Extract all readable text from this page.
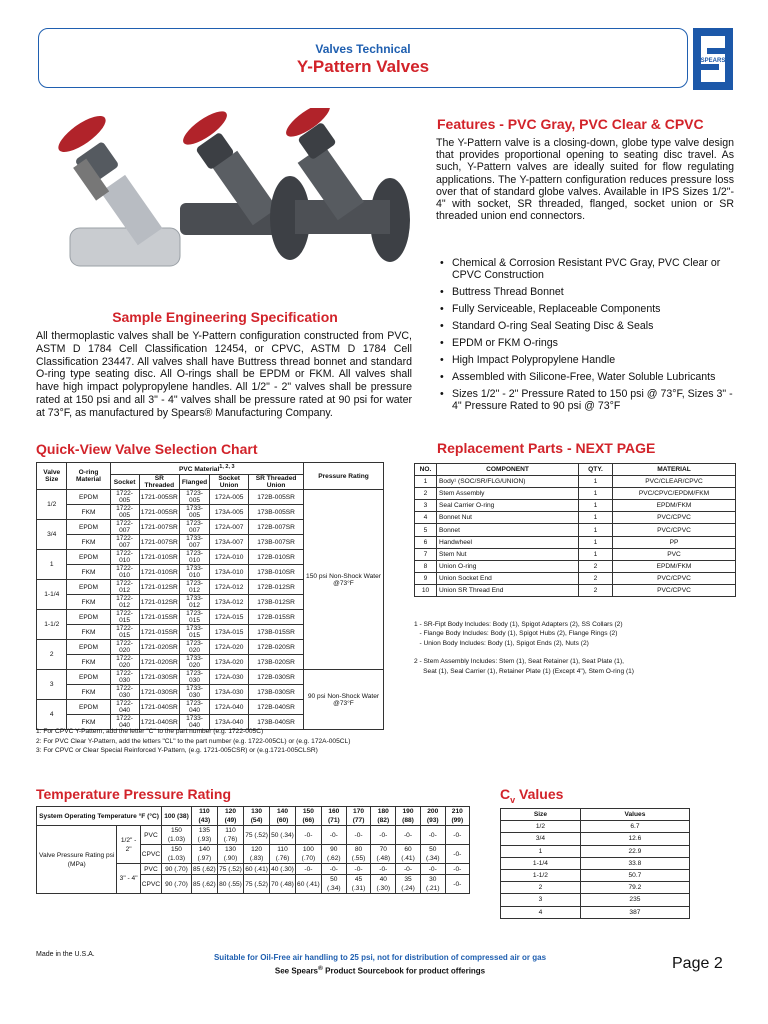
Valves Technical
Y-Pattern Valves	SPEARS
Sample Engineering Specification
All thermoplastic valves shall be Y-Pattern configuration constructed from PVC, ASTM D 1784 Cell Classification 12454, or CPVC, ASTM D 1784 Cell Classification 23447. All valves shall have Buttress thread bonnet and standard O-ring type seating disc. All O-rings shall be EPDM or FKM. All valves shall have high impact polypropylene handles. All 1/2" - 2" valves shall be pressure rated at 150 psi and all 3" - 4" valves shall be pressure rated at 90 psi for water at 73°F, as manufactured by Spears® Manufacturing Company.
Features - PVC Gray, PVC Clear & CPVC
The Y-Pattern valve is a closing-down, globe type valve design that provides proportional opening to seating disc travel. As such, Y-Pattern valves are ideally suited for flow regulating applications. The Y-pattern configuration reduces pressure loss over that of standard globe valves. Available in IPS Sizes 1/2"- 4" with socket, SR threaded, flanged, socket union or SR threaded union end connectors.
• Chemical & Corrosion Resistant PVC Gray, PVC Clear or CPVC Construction
• Buttress Thread Bonnet
• Fully Serviceable, Replaceable Components
• Standard O-ring Seal Seating Disc & Seals
• EPDM or FKM O-rings
• High Impact Polypropylene Handle
• Assembled with Silicone-Free, Water Soluble Lubricants
• Sizes 1/2" - 2" Pressure Rated to 150 psi @ 73°F, Sizes 3" - 4" Pressure Rated to 90 psi @ 73°F
Quick-View Valve Selection Chart
Valve Size	O-ring Material	PVC Material$^{1, 2, 3}$					Pressure Rating
		Socket	SR Threaded	Flanged	Socket Union	SR Threaded Union	
1/2	EPDM	1722-005	1721-005SR	1723-005	172A-005	172B-005SR	150 psi Non-Shock Water @73°F
	FKM	1722-005	1721-005SR	1733-005	173A-005	173B-005SR	
3/4	EPDM	1722-007	1721-007SR	1723-007	172A-007	172B-007SR	
	FKM	1722-007	1721-007SR	1733-007	173A-007	173B-007SR	
1	EPDM	1722-010	1721-010SR	1723-010	172A-010	172B-010SR	
	FKM	1722-010	1721-010SR	1733-010	173A-010	173B-010SR	
1-1/4	EPDM	1722-012	1721-012SR	1723-012	172A-012	172B-012SR	
	FKM	1722-012	1721-012SR	1733-012	173A-012	173B-012SR	
1-1/2	EPDM	1722-015	1721-015SR	1723-015	172A-015	172B-015SR	
	FKM	1722-015	1721-015SR	1733-015	173A-015	173B-015SR	
2	EPDM	1722-020	1721-020SR	1723-020	172A-020	172B-020SR	
	FKM	1722-020	1721-020SR	1733-020	173A-020	173B-020SR	
3	EPDM	1722-030	1721-030SR	1723-030	172A-030	172B-030SR	90 psi Non-Shock Water @73°F
	FKM	1722-030	1721-030SR	1733-030	173A-030	173B-030SR	
4	EPDM	1722-040	1721-040SR	1723-040	172A-040	172B-040SR	
	FKM	1722-040	1721-040SR	1733-040	173A-040	173B-040SR	
1: For CPVC Y-Pattern, add the letter "C" to the part number (e.g. 1722-005C)
2: For PVC Clear Y-Pattern, add the letters "CL" to the part number (e.g. 1722-005CL) or (e.g. 172A-005CL)
3: For CPVC or Clear Special Reinforced Y-Pattern, (e.g. 1721-005CSR) or (e.g.1721-005CLSR)
Replacement Parts - NEXT PAGE
NO.	COMPONENT	QTY.	MATERIAL
1	Body¹ (SOC/SR/FLG/UNION)	1	PVC/CLEAR/CPVC
2	Stem Assembly	1	PVC/CPVC/EPDM/FKM
3	Seal Carrier O-ring	1	EPDM/FKM
4	Bonnet Nut	1	PVC/CPVC
5	Bonnet	1	PVC/CPVC
6	Handwheel	1	PP
7	Stem Nut	1	PVC
8	Union O-ring	2	EPDM/FKM
9	Union Socket End	2	PVC/CPVC
10	Union SR Thread End	2	PVC/CPVC
1 - SR-Fipt Body Includes: Body (1), Spigot Adapters (2), SS Collars (2)
- Flange Body Includes: Body (1), Spigot Hubs (2), Flange Rings (2)
- Union Body Includes: Body (1), Spigot Ends (2), Nuts (2)
2 - Stem Assembly Includes: Stem (1), Seat Retainer (1), Seat Plate (1),
Seat (1), Seal Carrier (1), Retainer Plate (1) (Except 4"), Stem O-ring (1)
Temperature Pressure Rating
System Operating Temperature °F (°C)			100 (38)	110 (43)	120 (49)	130 (54)	140 (60)	150 (66)	160 (71)	170 (77)	180 (82)	190 (88)	200 (93)	210 (99)
Valve Pressure Rating psi (MPa)	1/2" - 2"	PVC	150 (1.03)	135 (.93)	110 (.76)	75 (.52)	50 (.34)	-0-	-0-	-0-	-0-	-0-	-0-	-0-
		CPVC	150 (1.03)	140 (.97)	130 (.90)	120 (.83)	110 (.76)	100 (.70)	90 (.62)	80 (.55)	70 (.48)	60 (.41)	50 (.34)	-0-
	3" - 4"	PVC	90 (.70)	85 (.62)	75 (.52)	60 (.41)	40 (.30)	-0-	-0-	-0-	-0-	-0-	-0-	-0-
		CPVC	90 (.70)	85 (.62)	80 (.55)	75 (.52)	70 (.48)	60 (.41)	50 (.34)	45 (.31)	40 (.30)	35 (.24)	30 (.21)	-0-
$C_v$ Values
Size	Values
1/2	6.7
3/4	12.6
1	22.9
1-1/4	33.8
1-1/2	50.7
2	79.2
3	235
4	387
Made in the U.S.A.	Suitable for Oil-Free air handling to 25 psi, not for distribution of compressed air or gas
See Spears® Product Sourcebook for product offerings	Page 2
